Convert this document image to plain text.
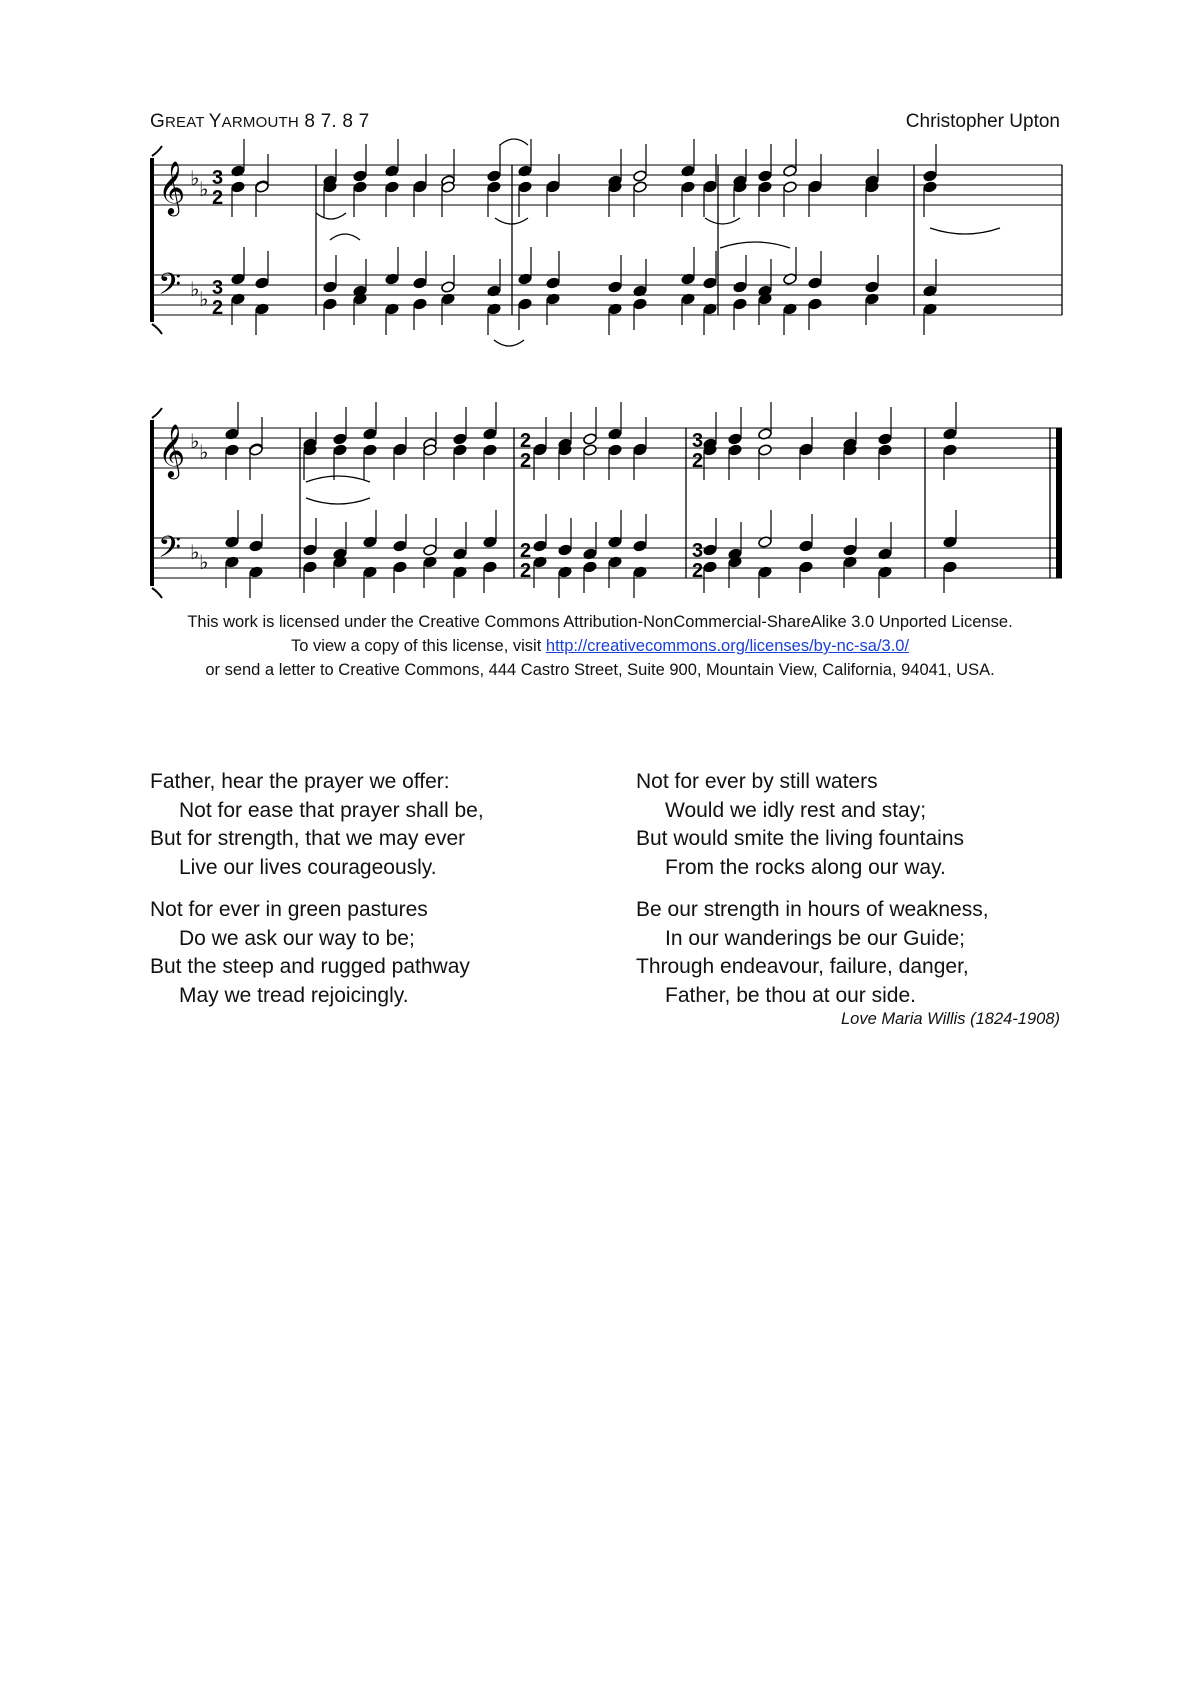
GREAT YARMOUTH 8 7. 8 7	Christopher Upton
𝄞
𝄢
♭ ♭
♭ ♭
3
2
3
2
𝄞
𝄢
♭ ♭
♭ ♭
2
2
2
2
3
2
3
2
This work is licensed under the Creative Commons Attribution-NonCommercial-ShareAlike 3.0 Unported License.
To view a copy of this license, visit http://creativecommons.org/licenses/by-nc-sa/3.0/
or send a letter to Creative Commons, 444 Castro Street, Suite 900, Mountain View, California, 94041, USA.
Father, hear the prayer we offer:
Not for ease that prayer shall be,
But for strength, that we may ever
Live our lives courageously.
Not for ever in green pastures
Do we ask our way to be;
But the steep and rugged pathway
May we tread rejoicingly.
Not for ever by still waters
Would we idly rest and stay;
But would smite the living fountains
From the rocks along our way.
Be our strength in hours of weakness,
In our wanderings be our Guide;
Through endeavour, failure, danger,
Father, be thou at our side.
Love Maria Willis (1824-1908)
